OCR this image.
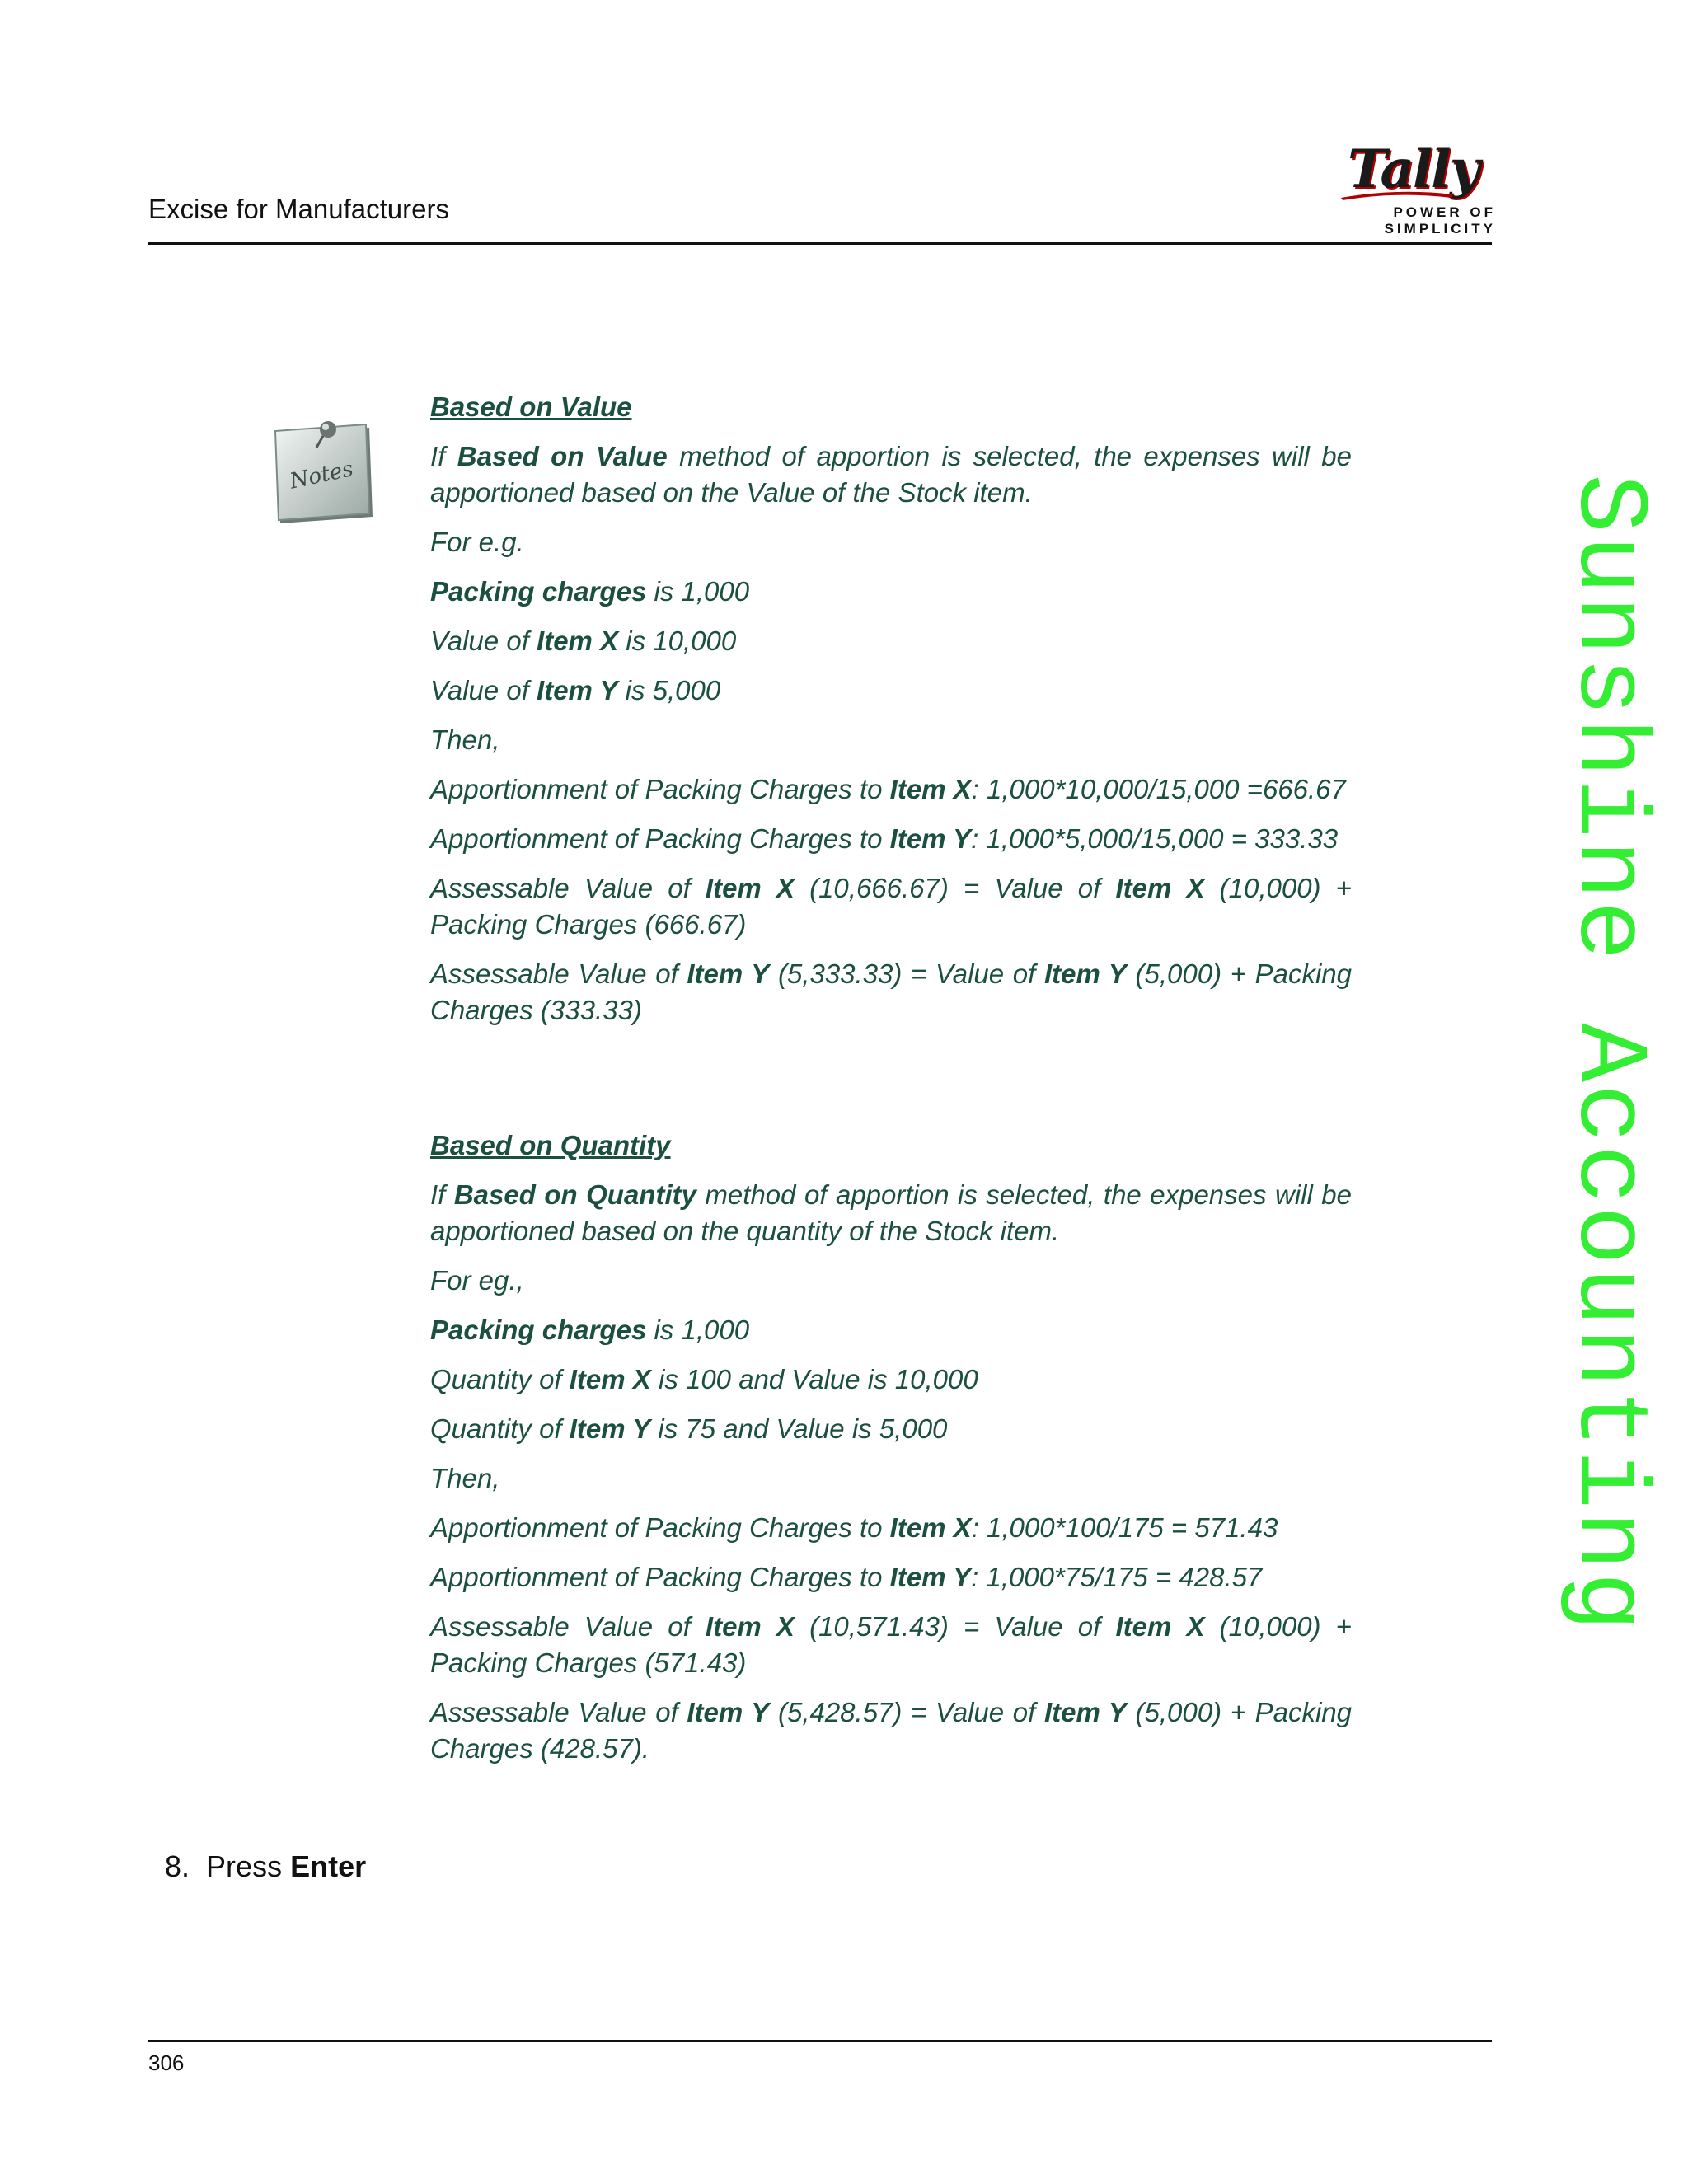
Excise for Manufacturers
Tally
POWER OF SIMPLICITY
Sunshine Accounting
Notes

Based on Value

If Based on Value method of apportion is selected, the expenses will be apportioned based on the Value of the Stock item.

For e.g.

Packing charges is 1,000

Value of Item X is 10,000

Value of Item Y is 5,000

Then,

Apportionment of Packing Charges to Item X: 1,000*10,000/15,000 =666.67

Apportionment of Packing Charges to Item Y: 1,000*5,000/15,000 = 333.33

Assessable Value of Item X (10,666.67) = Value of Item X (10,000) + Packing Charges (666.67)

Assessable Value of Item Y (5,333.33) = Value of Item Y (5,000) + Packing Charges (333.33)

Based on Quantity

If Based on Quantity method of apportion is selected, the expenses will be apportioned based on the quantity of the Stock item.

For eg.,

Packing charges is 1,000

Quantity of Item X is 100 and Value is 10,000

Quantity of Item Y is 75 and Value is 5,000

Then,

Apportionment of Packing Charges to Item X: 1,000*100/175 = 571.43

Apportionment of Packing Charges to Item Y: 1,000*75/175 = 428.57

Assessable Value of Item X (10,571.43) = Value of Item X (10,000) + Packing Charges (571.43)

Assessable Value of Item Y (5,428.57) = Value of Item Y (5,000) + Packing Charges (428.57).

8. Press Enter
306
